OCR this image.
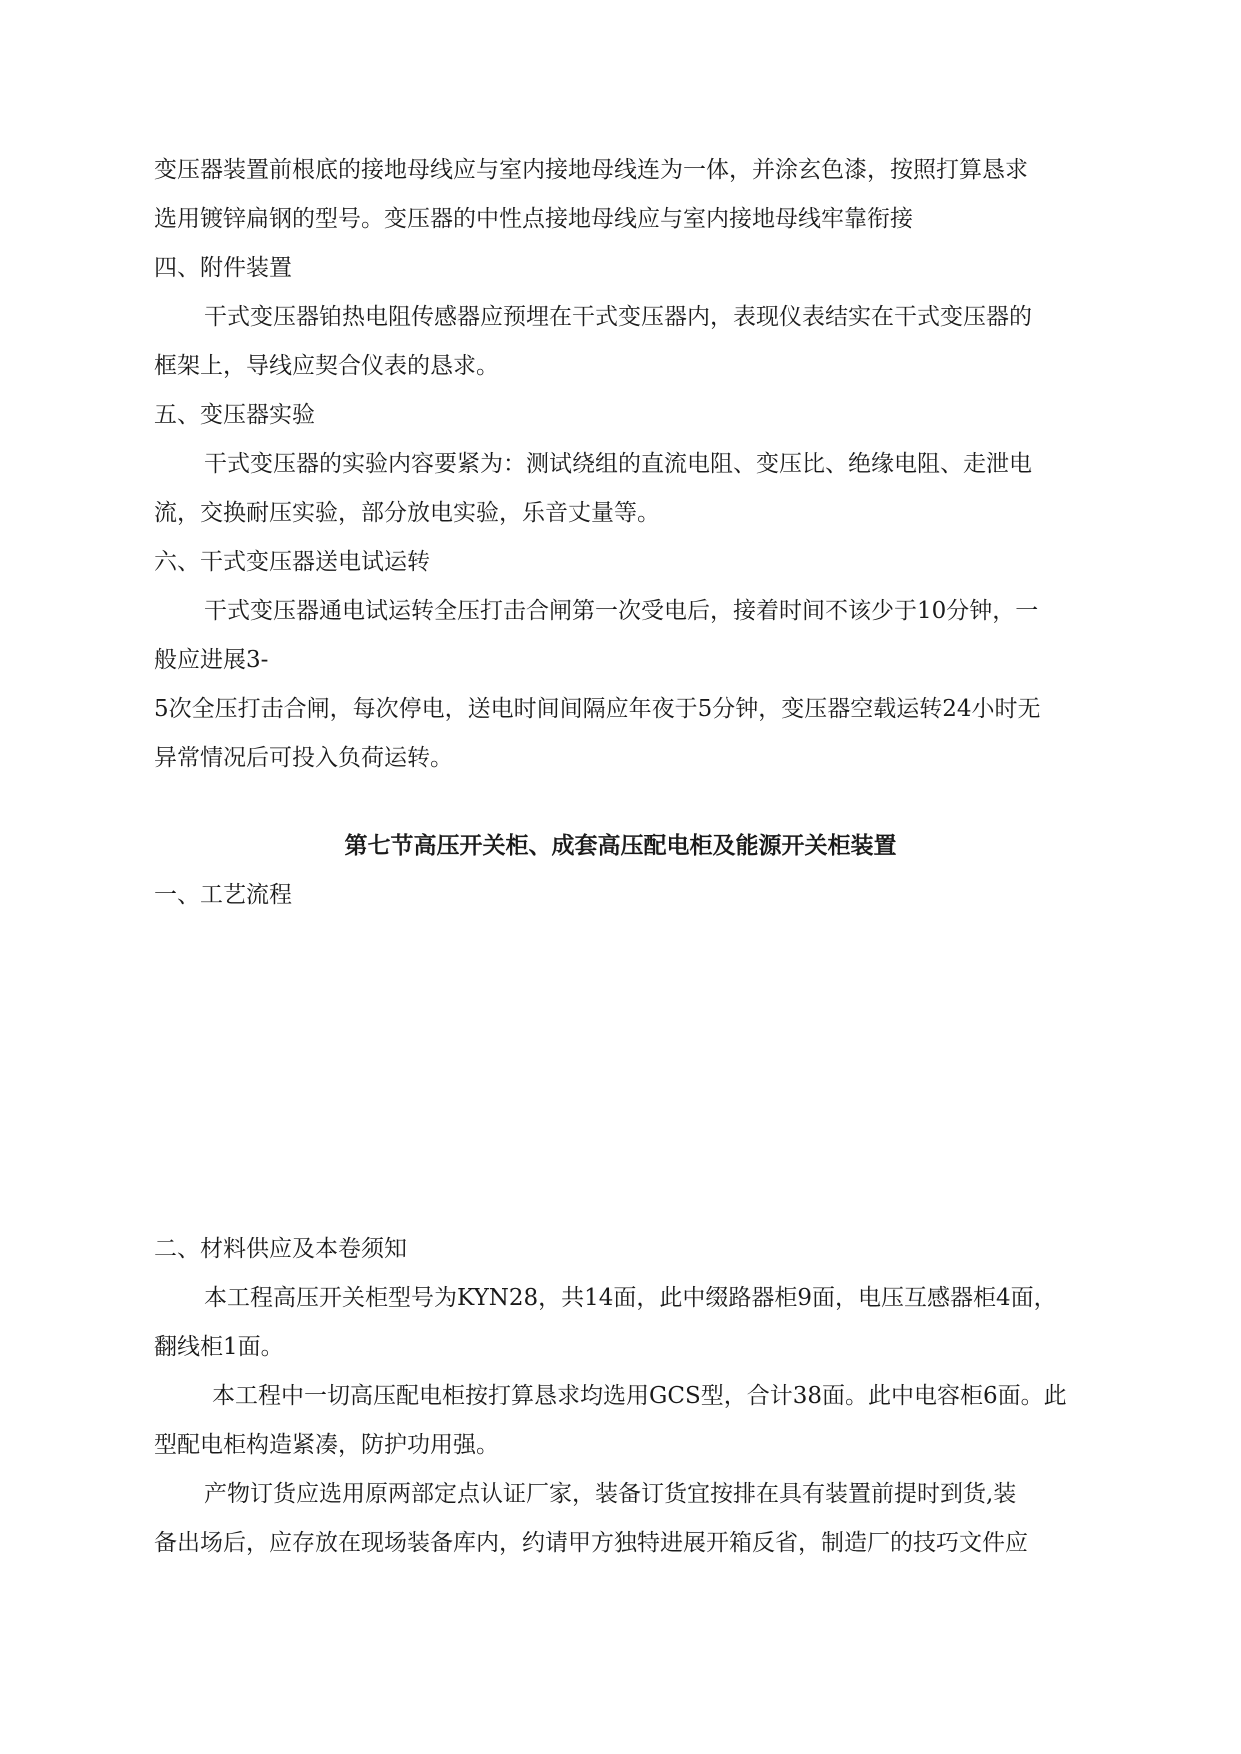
变压器装置前根底的接地母线应与室内接地母线连为一体，并涂玄色漆，按照打算恳求

选用镀锌扁钢的型号。变压器的中性点接地母线应与室内接地母线牢靠衔接

四、附件装置

干式变压器铂热电阻传感器应预埋在干式变压器内，表现仪表结实在干式变压器的

框架上，导线应契合仪表的恳求。

五、变压器实验

干式变压器的实验内容要紧为：测试绕组的直流电阻、变压比、绝缘电阻、走泄电

流，交换耐压实验，部分放电实验，乐音丈量等。

六、干式变压器送电试运转

干式变压器通电试运转全压打击合闸第一次受电后，接着时间不该少于10分钟，一

般应进展3-

5次全压打击合闸，每次停电，送电时间间隔应年夜于5分钟，变压器空载运转24小时无

异常情况后可投入负荷运转。

第七节高压开关柜、成套高压配电柜及能源开关柜装置

一、工艺流程

二、材料供应及本卷须知

本工程高压开关柜型号为KYN28，共14面，此中缀路器柜9面，电压互感器柜4面，

翻线柜1面。

本工程中一切高压配电柜按打算恳求均选用GCS型，合计38面。此中电容柜6面。此

型配电柜构造紧凑，防护功用强。

产物订货应选用原两部定点认证厂家，装备订货宜按排在具有装置前提时到货,装

备出场后，应存放在现场装备库内，约请甲方独特进展开箱反省，制造厂的技巧文件应
